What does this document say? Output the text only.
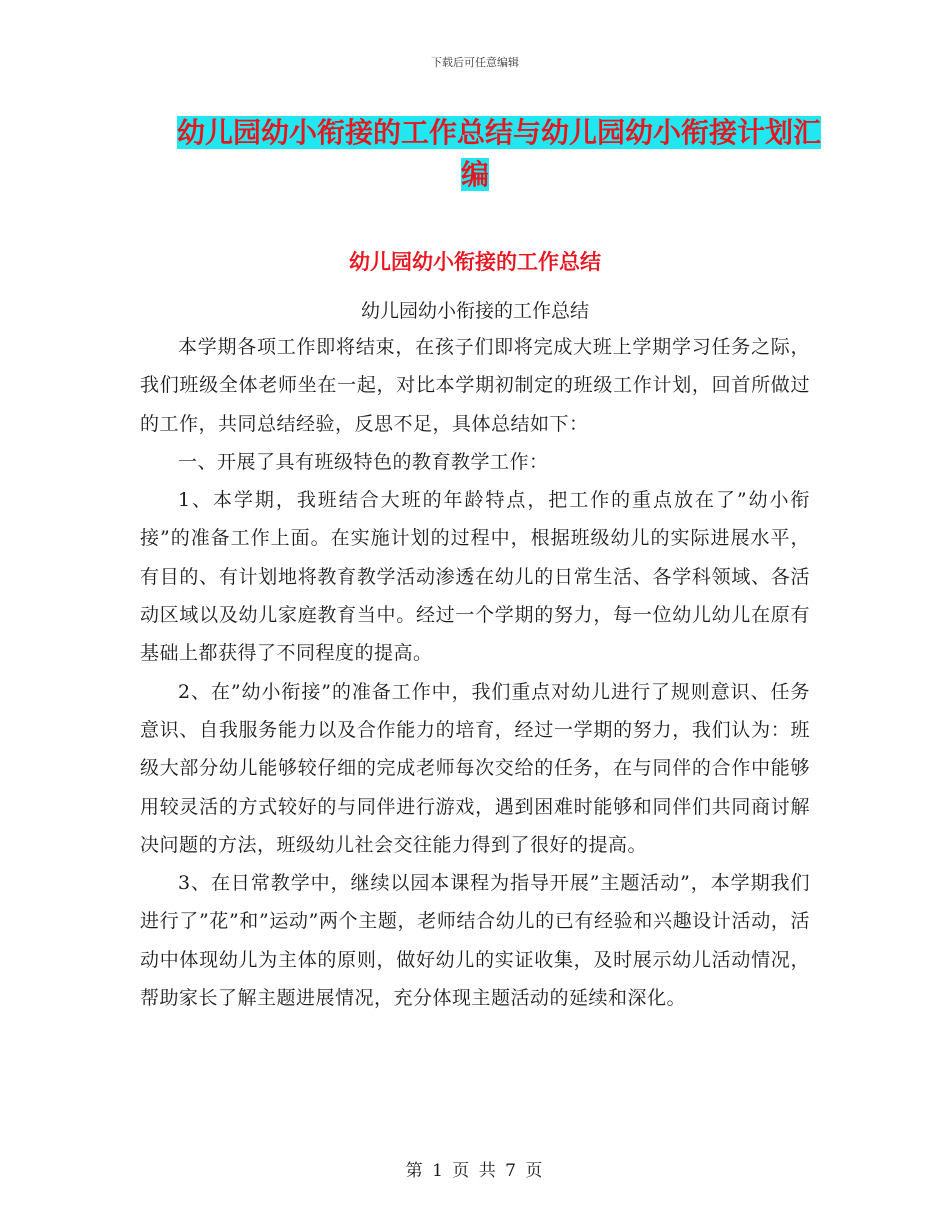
下载后可任意编辑
幼儿园幼小衔接的工作总结与幼儿园幼小衔接计划汇
编
幼儿园幼小衔接的工作总结
幼儿园幼小衔接的工作总结

本学期各项工作即将结束，在孩子们即将完成大班上学期学习任务之际，我们班级全体老师坐在一起，对比本学期初制定的班级工作计划，回首所做过的工作，共同总结经验，反思不足，具体总结如下：

一、开展了具有班级特色的教育教学工作：

1、本学期，我班结合大班的年龄特点，把工作的重点放在了”幼小衔接”的准备工作上面。在实施计划的过程中，根据班级幼儿的实际进展水平，有目的、有计划地将教育教学活动渗透在幼儿的日常生活、各学科领域、各活动区域以及幼儿家庭教育当中。经过一个学期的努力，每一位幼儿幼儿在原有基础上都获得了不同程度的提高。

2、在”幼小衔接”的准备工作中，我们重点对幼儿进行了规则意识、任务意识、自我服务能力以及合作能力的培育，经过一学期的努力，我们认为：班级大部分幼儿能够较仔细的完成老师每次交给的任务，在与同伴的合作中能够用较灵活的方式较好的与同伴进行游戏，遇到困难时能够和同伴们共同商讨解决问题的方法，班级幼儿社会交往能力得到了很好的提高。

3、在日常教学中，继续以园本课程为指导开展”主题活动”，本学期我们进行了”花”和”运动”两个主题，老师结合幼儿的已有经验和兴趣设计活动，活动中体现幼儿为主体的原则，做好幼儿的实证收集，及时展示幼儿活动情况，帮助家长了解主题进展情况，充分体现主题活动的延续和深化。

第 1 页 共 7 页
